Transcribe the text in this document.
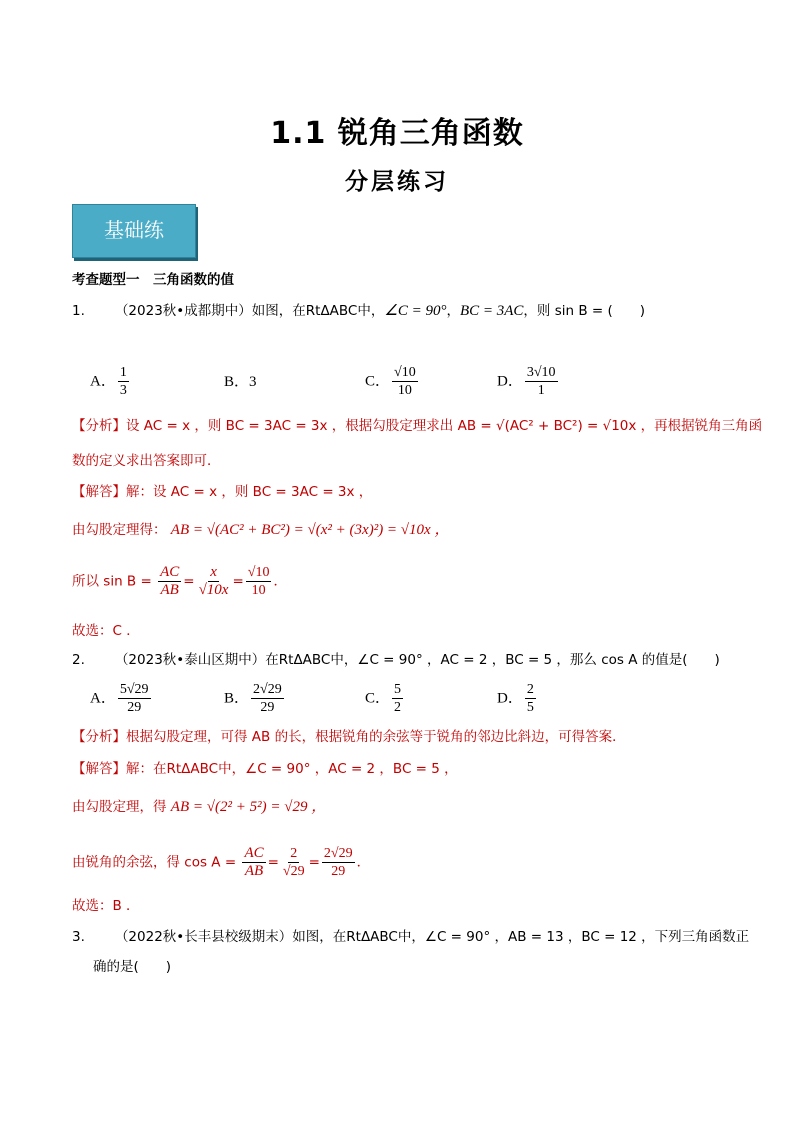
1.1 锐角三角函数
分层练习
基础练
考查题型一　三角函数的值
1. （2023秋•成都期中）如图，在RtΔABC中，∠C = 90°，BC = 3AC，则 sin B = (　　)
A． $\frac{1}{3}$	B．3	C． $\frac{√10}{10}$	D． $\frac{3√10}{1}$
【分析】设 AC = x ，则 BC = 3AC = 3x ，根据勾股定理求出 AB = √(AC² + BC²) = √10x ，再根据锐角三角函
数的定义求出答案即可．
【解答】解：设 AC = x ，则 BC = 3AC = 3x ，
由勾股定理得： AB = √(AC² + BC²) = √(x² + (3x)²) = √10x ，
所以 $\sin B = \frac{AC}{AB} = \frac{x}{√10x} = \frac{√10}{10}$ ．
故选：C ．
2. （2023秋•泰山区期中）在RtΔABC中，∠C = 90° ，AC = 2 ，BC = 5 ，那么 cos A 的值是(　　)
A． $\frac{5√29}{29}$	B． $\frac{2√29}{29}$	C． $\frac{5}{2}$	D． $\frac{2}{5}$
【分析】根据勾股定理，可得 AB 的长，根据锐角的余弦等于锐角的邻边比斜边，可得答案．
【解答】解：在RtΔABC中，∠C = 90° ，AC = 2 ，BC = 5 ，
由勾股定理，得 AB = √(2² + 5²) = √29 ，
由锐角的余弦，得 $\cos A = \frac{AC}{AB} = \frac{2}{√29} = \frac{2√29}{29}$ ．
故选：B ．
3. （2022秋•长丰县校级期末）如图，在RtΔABC中，∠C = 90° ，AB = 13 ，BC = 12 ，下列三角函数正
确的是(　　)
